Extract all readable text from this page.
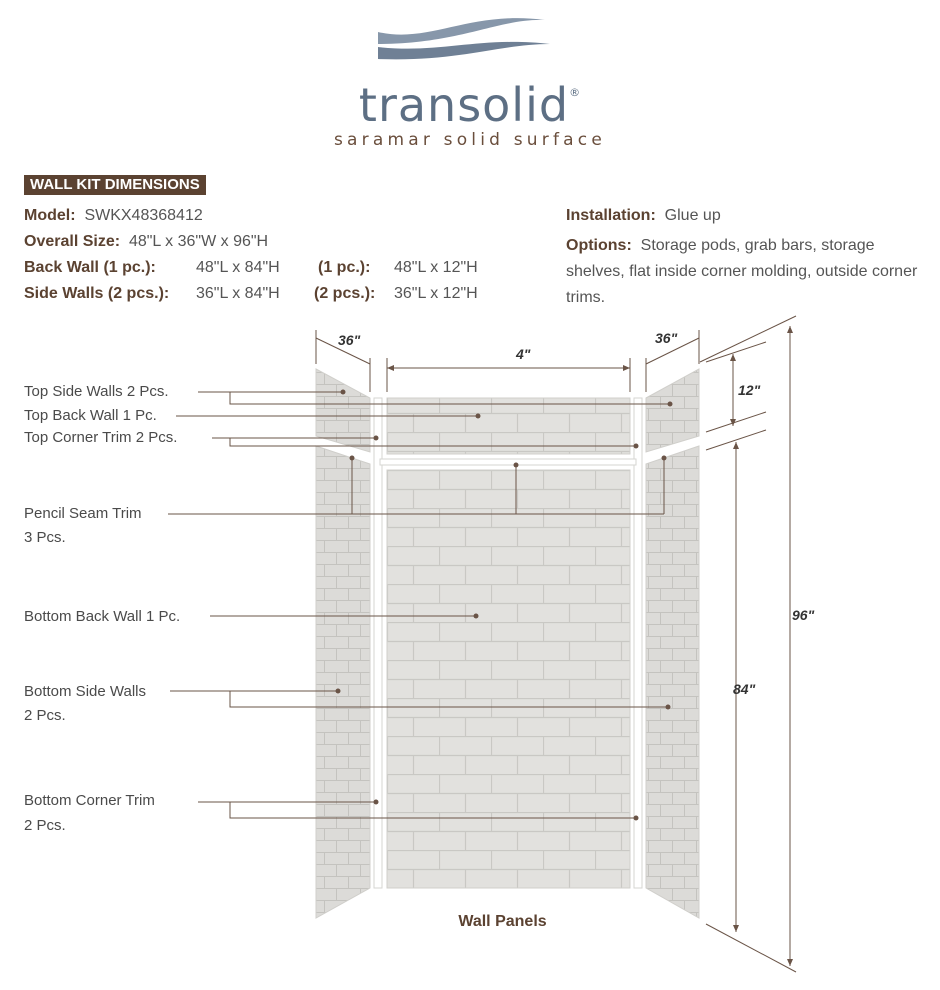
transolid®
saramar solid surface
WALL KIT DIMENSIONS
Model: SWKX48368412
Overall Size: 48"L x 36"W x 96"H
Back Wall (1 pc.):	48"L x 84"H (1 pc.): 48"L x 12"H
Side Walls (2 pcs.): 36"L x 84"H (2 pcs.): 36"L x 12"H
Installation: Glue up
Options: Storage pods, grab bars, storage shelves, flat inside corner molding, outside corner trims.
36"
4"
36"
12"
84"
96"
Top Side Walls 2 Pcs.
Top Back Wall 1 Pc.
Top Corner Trim 2 Pcs.
Pencil Seam Trim
3 Pcs.
Bottom Back Wall 1 Pc.
Bottom Side Walls
2 Pcs.
Bottom Corner Trim
2 Pcs.
Wall Panels
